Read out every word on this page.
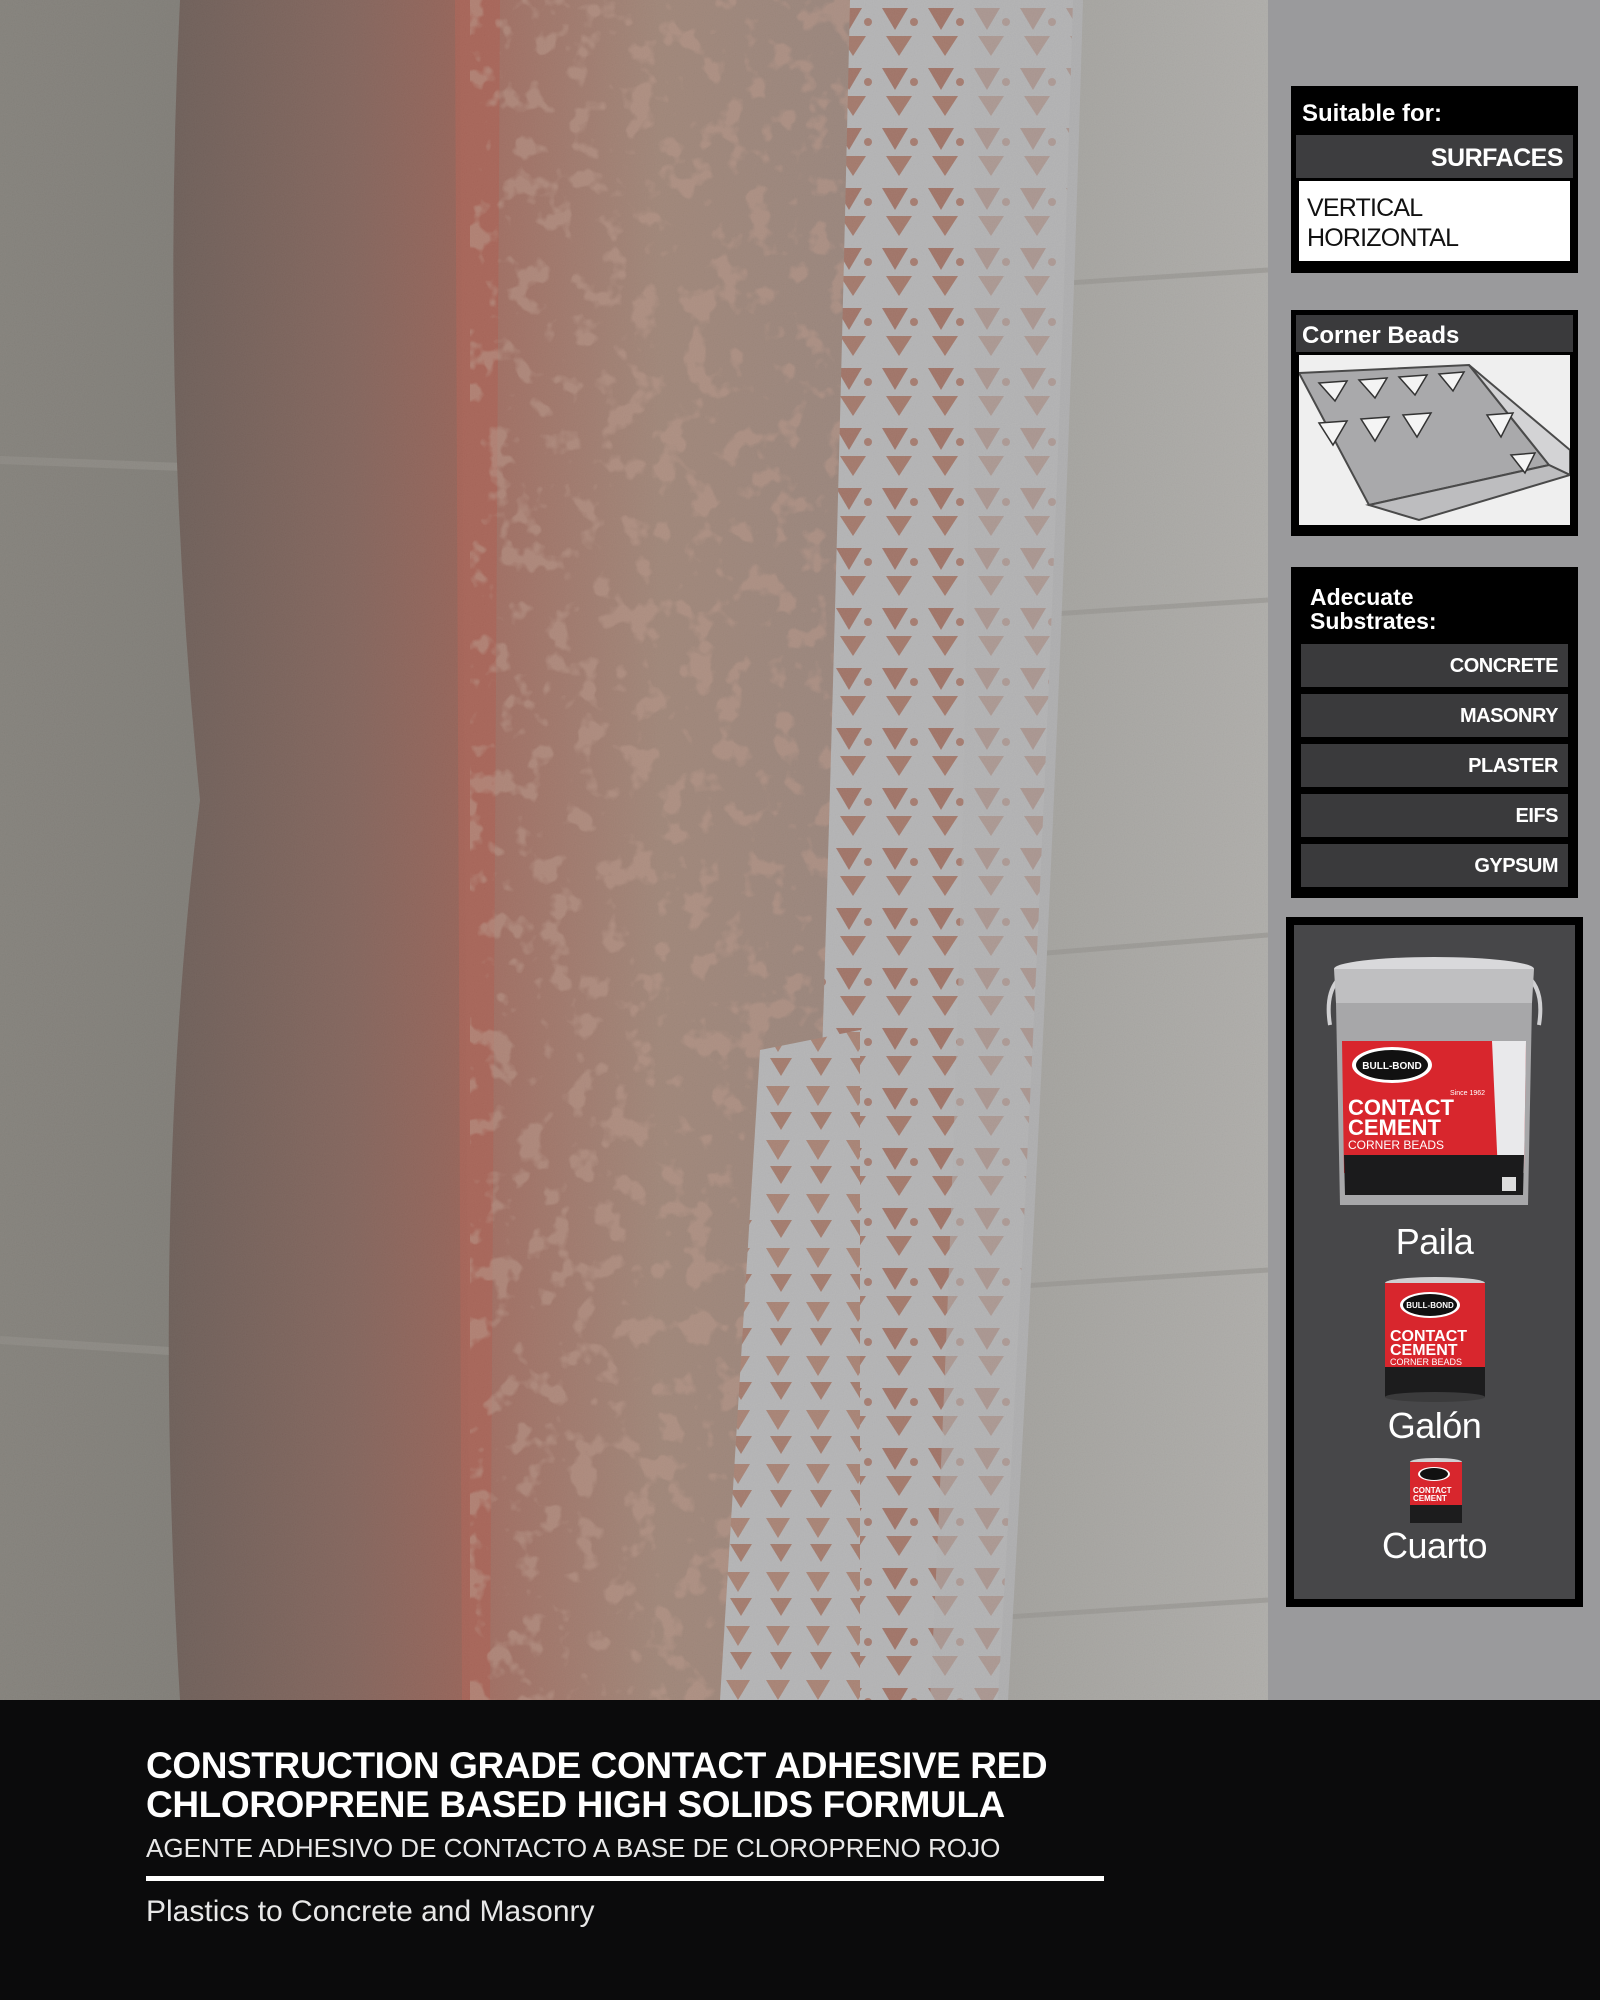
Suitable for:
SURFACES
VERTICAL
HORIZONTAL
Corner Beads
Adecuate
Substrates:
CONCRETE
MASONRY
PLASTER
EIFS
GYPSUM
BULL-BOND
CONTACT
CEMENT
CORNER BEADS
Since 1962
Paila
BULL-BOND
CONTACT
CEMENT
CORNER BEADS
Galón
CONTACT
CEMENT
Cuarto
CONSTRUCTION GRADE CONTACT ADHESIVE RED
CHLOROPRENE BASED HIGH SOLIDS FORMULA
AGENTE ADHESIVO DE CONTACTO A BASE DE CLOROPRENO ROJO
Plastics to Concrete and Masonry
